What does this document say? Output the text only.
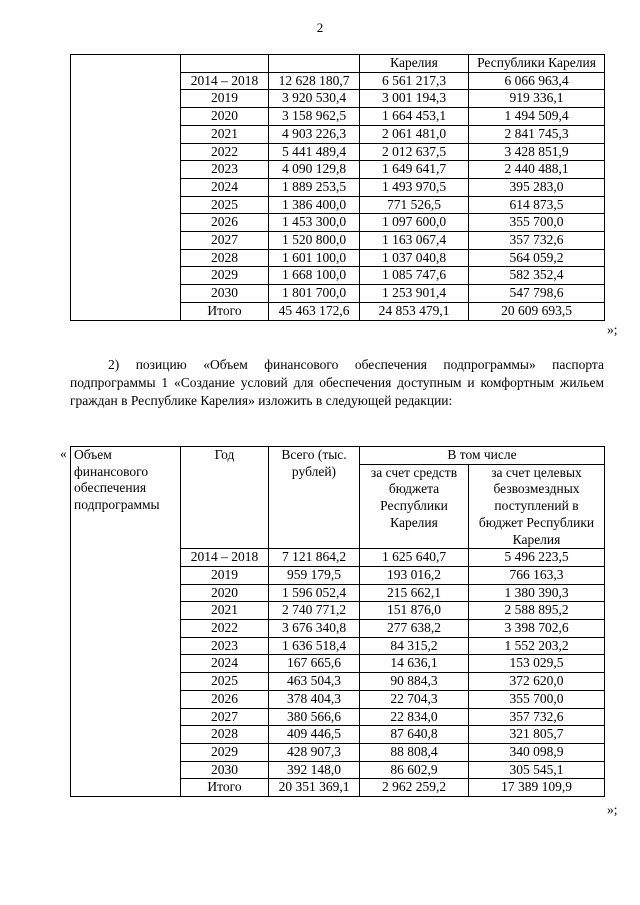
2
			Карелия	Республики Карелия
	2014 – 2018	12 628 180,7	6 561 217,3	6 066 963,4
	2019	3 920 530,4	3 001 194,3	919 336,1
	2020	3 158 962,5	1 664 453,1	1 494 509,4
	2021	4 903 226,3	2 061 481,0	2 841 745,3
	2022	5 441 489,4	2 012 637,5	3 428 851,9
	2023	4 090 129,8	1 649 641,7	2 440 488,1
	2024	1 889 253,5	1 493 970,5	395 283,0
	2025	1 386 400,0	771 526,5	614 873,5
	2026	1 453 300,0	1 097 600,0	355 700,0
	2027	1 520 800,0	1 163 067,4	357 732,6
	2028	1 601 100,0	1 037 040,8	564 059,2
	2029	1 668 100,0	1 085 747,6	582 352,4
	2030	1 801 700,0	1 253 901,4	547 798,6
	Итого	45 463 172,6	24 853 479,1	20 609 693,5
»;
2) позицию «Объем финансового обеспечения подпрограммы» паспорта подпрограммы 1 «Создание условий для обеспечения доступным и комфортным жильем граждан в Республике Карелия» изложить в следующей редакции:
« Объем финансового обеспечения подпрограммы	Год	Всего (тыс. рублей)	В том числе	
			за счет средств бюджета Республики Карелия	за счет целевых безвозмездных поступлений в бюджет Республики Карелия
	2014 – 2018	7 121 864,2	1 625 640,7	5 496 223,5
	2019	959 179,5	193 016,2	766 163,3
	2020	1 596 052,4	215 662,1	1 380 390,3
	2021	2 740 771,2	151 876,0	2 588 895,2
	2022	3 676 340,8	277 638,2	3 398 702,6
	2023	1 636 518,4	84 315,2	1 552 203,2
	2024	167 665,6	14 636,1	153 029,5
	2025	463 504,3	90 884,3	372 620,0
	2026	378 404,3	22 704,3	355 700,0
	2027	380 566,6	22 834,0	357 732,6
	2028	409 446,5	87 640,8	321 805,7
	2029	428 907,3	88 808,4	340 098,9
	2030	392 148,0	86 602,9	305 545,1
	Итого	20 351 369,1	2 962 259,2	17 389 109,9
»;
